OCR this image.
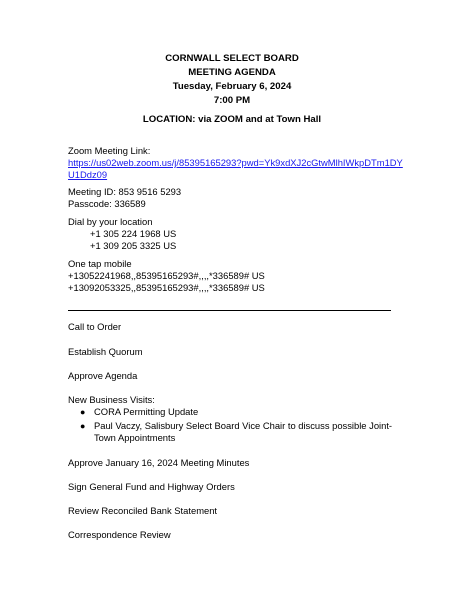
CORNWALL SELECT BOARD
MEETING AGENDA
Tuesday, February 6, 2024
7:00 PM
LOCATION: via ZOOM and at Town Hall
Zoom Meeting Link:
https://us02web.zoom.us/j/85395165293?pwd=Yk9xdXJ2cGtwMlhIWkpDTm1DY
U1Ddz09
Meeting ID: 853 9516 5293
Passcode: 336589
Dial by your location
+1 305 224 1968 US
+1 309 205 3325 US
One tap mobile
+13052241968,,85395165293#,,,,*336589# US
+13092053325,,85395165293#,,,,*336589# US
Call to Order
Establish Quorum
Approve Agenda
New Business Visits:
● CORA Permitting Update
● Paul Vaczy, Salisbury Select Board Vice Chair to discuss possible Joint-
Town Appointments
Approve January 16, 2024 Meeting Minutes
Sign General Fund and Highway Orders
Review Reconciled Bank Statement
Correspondence Review
